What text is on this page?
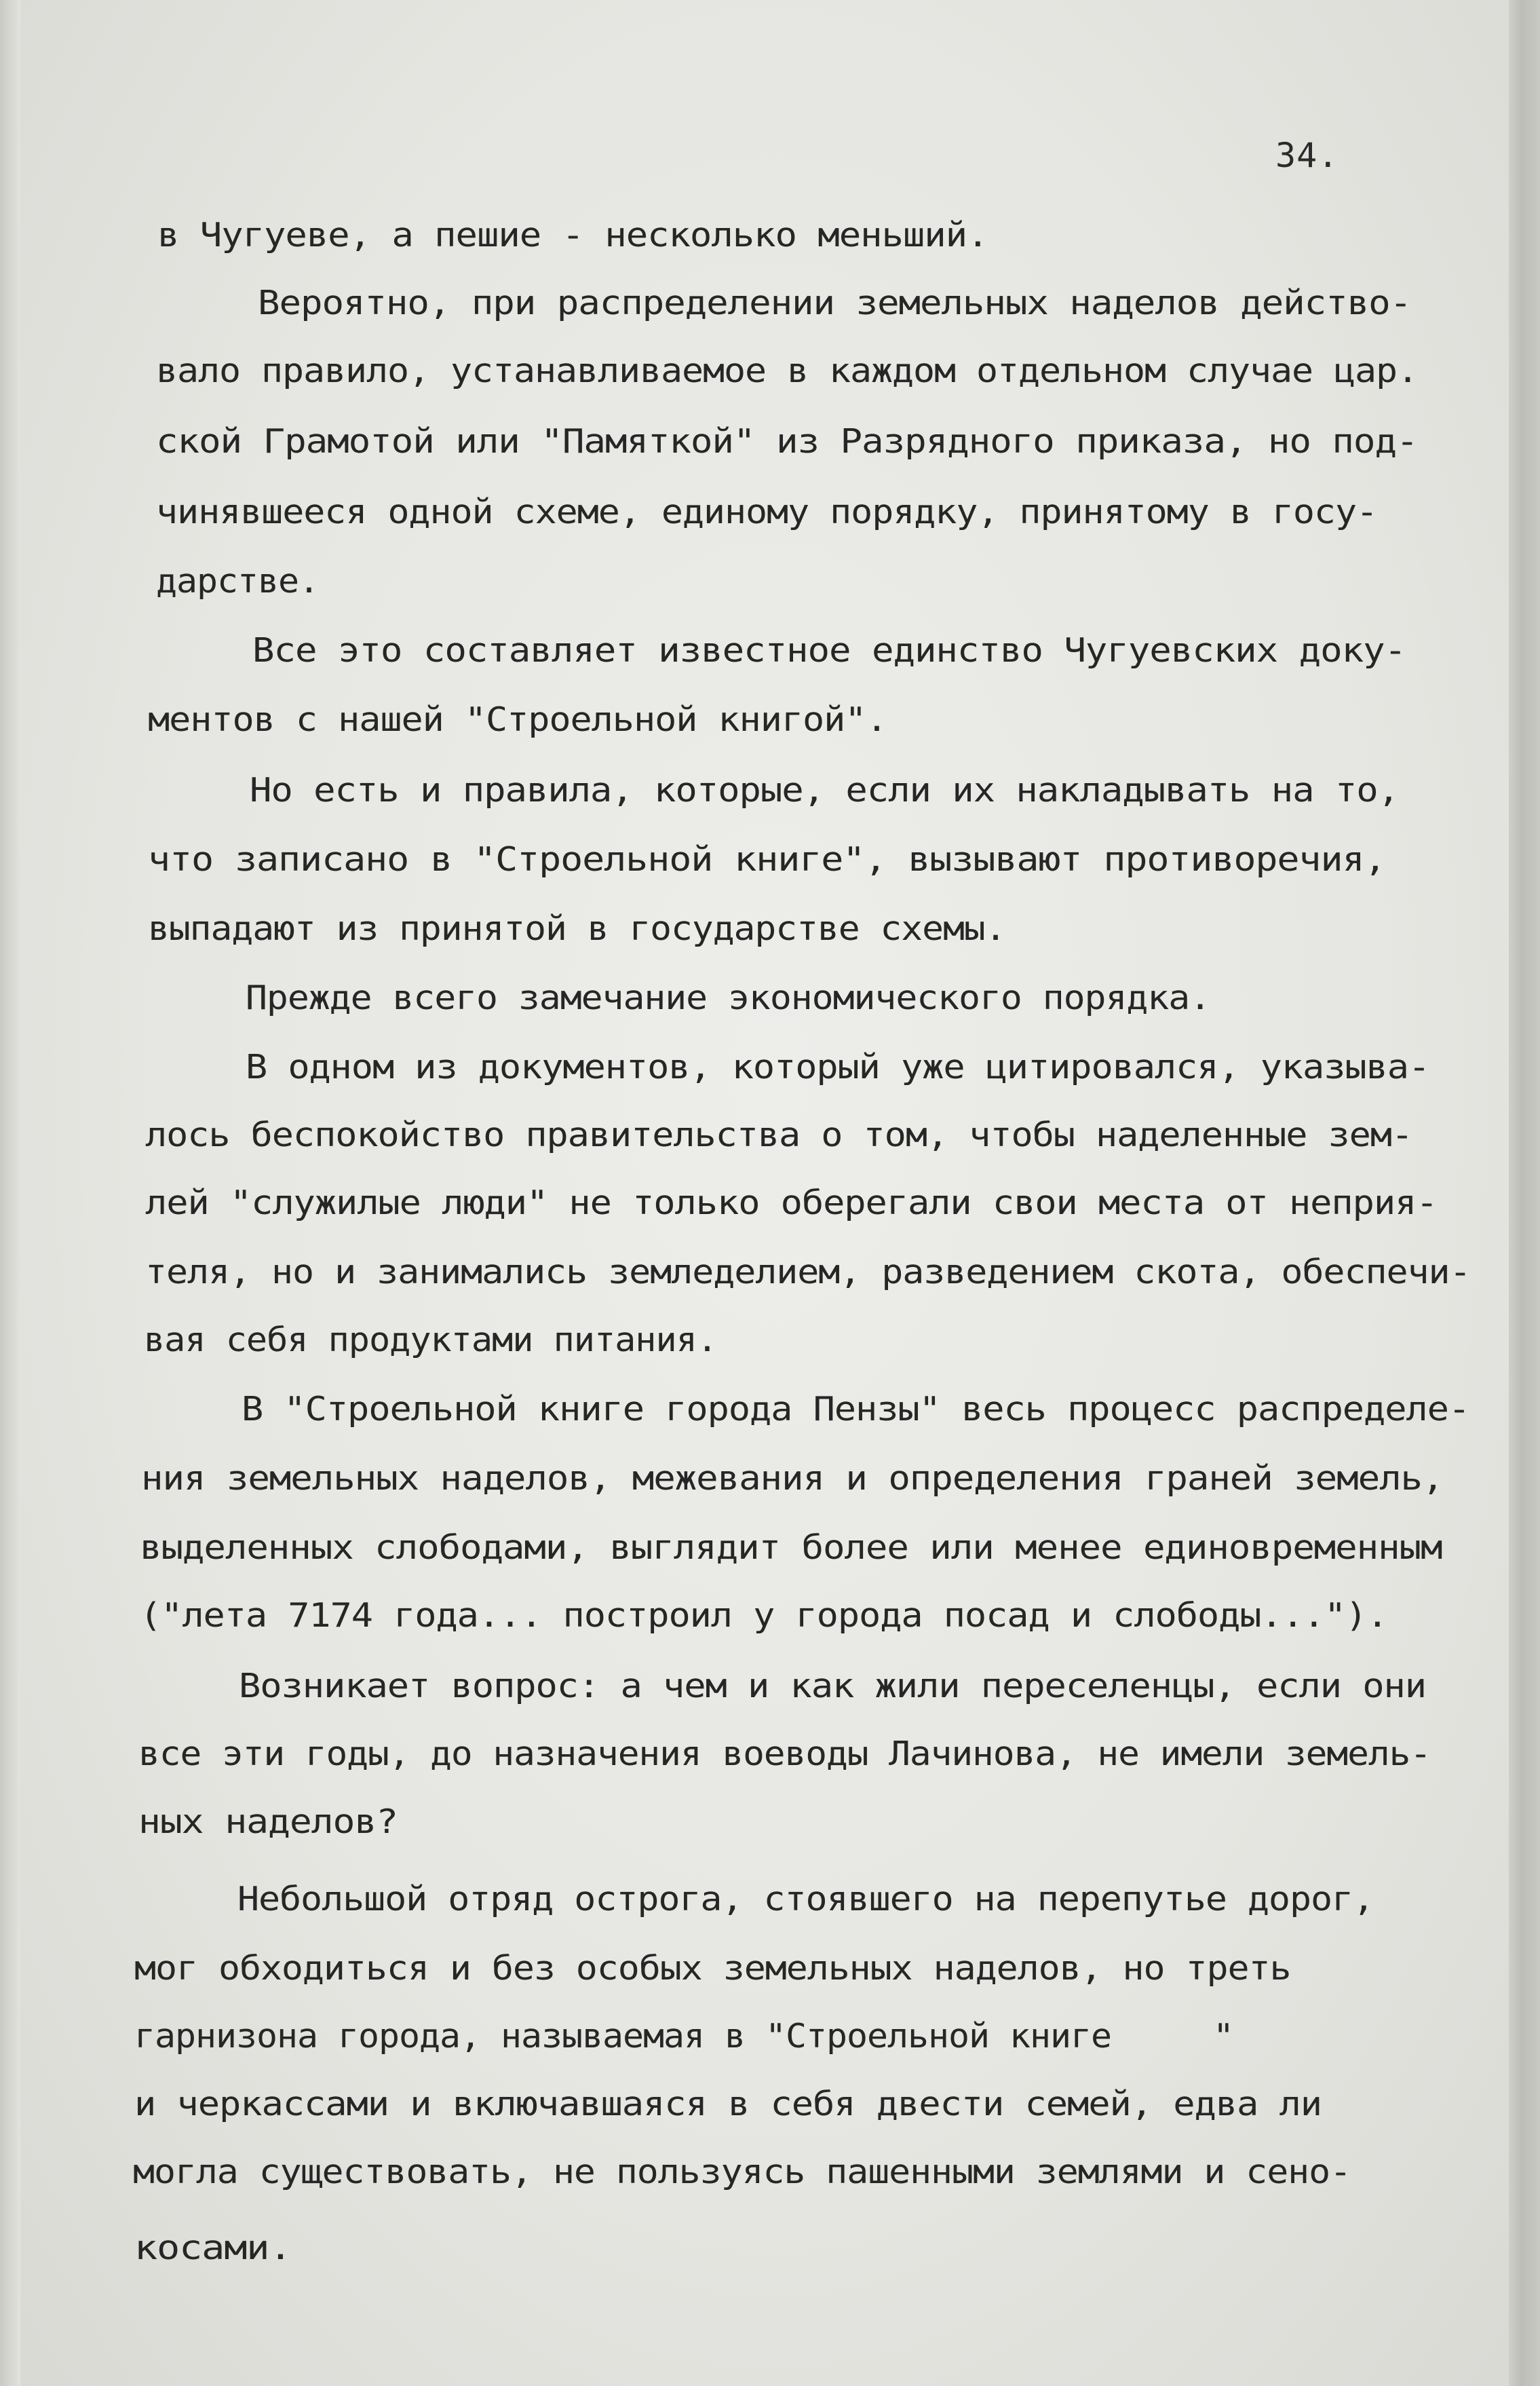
34.
в Чугуеве, а пешие - несколько меньший.
Вероятно, при распределении земельных наделов действо-
вало правило, устанавливаемое в каждом отдельном случае цар.
ской Грамотой или "Памяткой" из Разрядного приказа, но под-
чинявшееся одной схеме, единому порядку, принятому в госу-
дарстве.
Все это составляет известное единство Чугуевских доку-
ментов с нашей "Строельной книгой".
Но есть и правила, которые, если их накладывать на то,
что записано в "Строельной книге", вызывают противоречия,
выпадают из принятой в государстве схемы.
Прежде всего замечание экономического порядка.
В одном из документов, который уже цитировался, указыва-
лось беспокойство правительства о том, чтобы наделенные зем-
лей "служилые люди" не только оберегали свои места от неприя-
теля, но и занимались земледелием, разведением скота, обеспечи-
вая себя продуктами питания.
В "Строельной книге города Пензы" весь процесс распределе-
ния земельных наделов, межевания и определения граней земель,
выделенных слободами, выглядит более или менее единовременным
("лета 7174 года... построил у города посад и слободы...").
Возникает вопрос: а чем и как жили переселенцы, если они
все эти годы, до назначения воеводы Лачинова, не имели земель-
ных наделов?
Небольшой отряд острога, стоявшего на перепутье дорог,
мог обходиться и без особых земельных наделов, но треть
гарнизона города, называемая в "Строельной книге     "
и черкассами и включавшаяся в себя двести семей, едва ли
могла существовать, не пользуясь пашенными землями и сено-
косами.
